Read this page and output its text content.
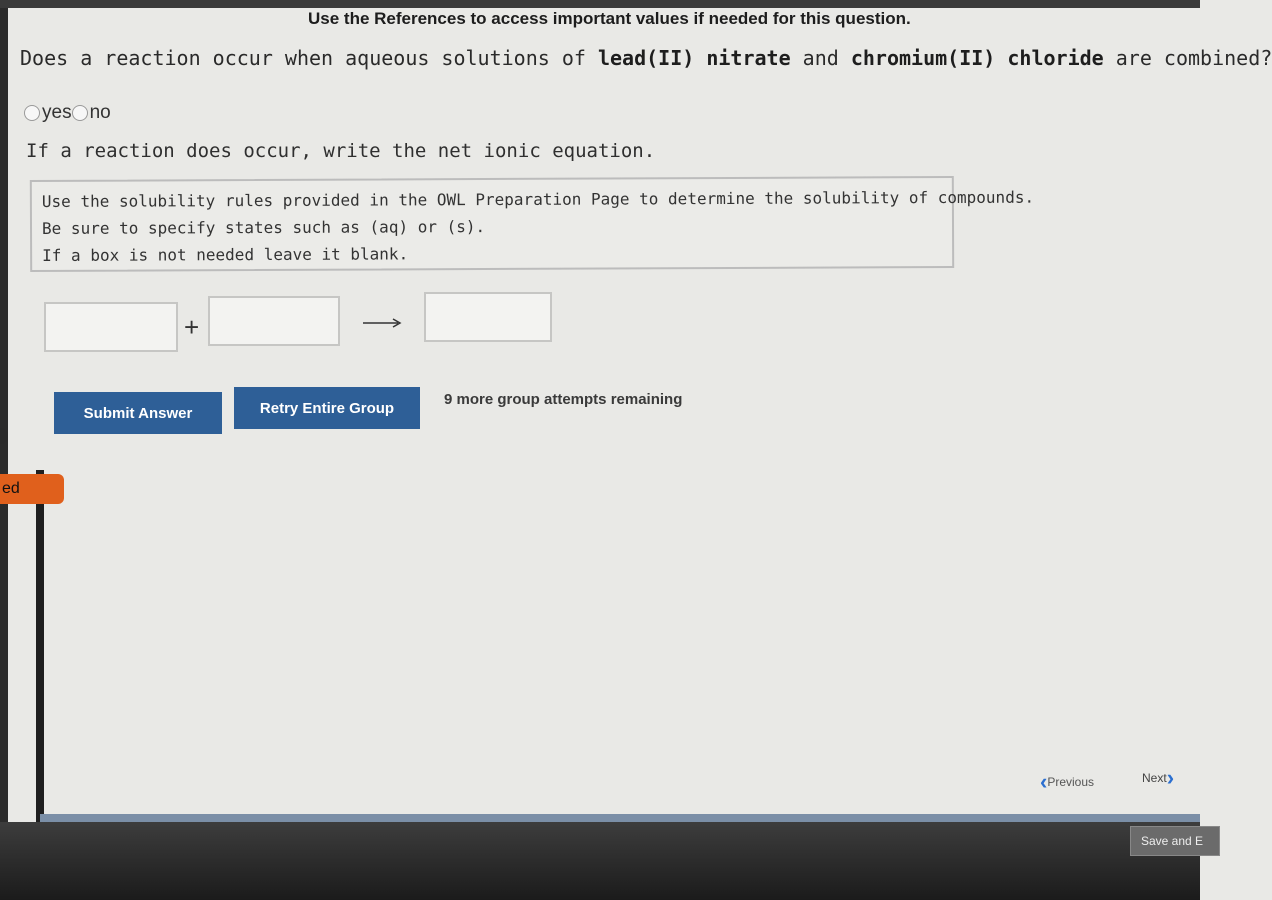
ed
Use the References to access important values if needed for this question.
Does a reaction occur when aqueous solutions of lead(II) nitrate and chromium(II) chloride are combined?
yes no
If a reaction does occur, write the net ionic equation.
Use the solubility rules provided in the OWL Preparation Page to determine the solubility of compounds.
Be sure to specify states such as (aq) or (s).
If a box is not needed leave it blank.
+
Submit Answer	Retry Entire Group	9 more group attempts remaining
‹ Previous	Next ›
Save and E
